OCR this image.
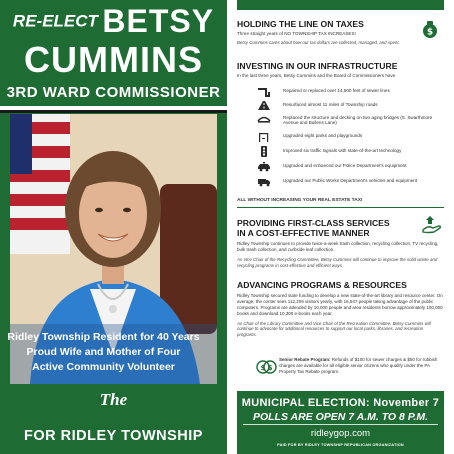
RE-ELECT BETSY
CUMMINS
3RD WARD COMMISSIONER
Ridley Township Resident for 40 Years
Proud Wife and Mother of Four
Active Community Volunteer
The
FOR RIDLEY TOWNSHIP
HOLDING THE LINE ON TAXES
Three straight years of NO TOWNSHIP TAX INCREASES!
Betsy Cummins cares about how our tax dollars are collected, managed, and spent.
$
INVESTING IN OUR INFRASTRUCTURE
In the last three years, Betsy Cummins and the Board of Commissioners have
Repaired or replaced over 14,500 feet of sewer lines
Resurfaced almost 11 miles of Township roads
Replaced the structure and decking on two aging bridges (S. Swarthmore Avenue and Bullens Lane)
Upgraded eight parks and playgrounds
Improved six traffic signals with state-of-the-art technology
Upgraded and enhanced our Police Department's equipment
Upgraded our Public Works Department's vehicles and equipment
ALL WITHOUT INCREASING YOUR REAL ESTATE TAX!
PROVIDING FIRST-CLASS SERVICES
IN A COST-EFFECTIVE MANNER
Ridley Township continues to provide twice-a-week trash collection, recycling collection, TV recycling, bulk trash collection, and curbside leaf collection.
As Vice Chair of the Recycling Committee, Betsy Cummins will continue to improve the solid waste and recycling programs in cost-effective and efficient ways.
ADVANCING PROGRAMS & RESOURCES
Ridley Township secured state funding to develop a new state-of-the-art library and resource center. On average, the center sees 112,209 visitors yearly, with 16,547 people taking advantage of the public computers. Programs are attended by 10,000 people and area residents borrow approximately 100,000 books and download 10,300 e-books each year.
As Chair of the Library Committee and Vice Chair of the Recreation Committee, Betsy Cummins will continue to advocate for additional resources to support our local parks, libraries, and recreation programs.
$ $
Senior Rebate Program: Refunds of $100 for sewer charges & $50 for rubbish charges are available for all eligible senior citizens who qualify under the PA Property Tax Rebate program.
MUNICIPAL ELECTION: November 7
POLLS ARE OPEN 7 A.M. TO 8 P.M.
ridleygop.com
PAID FOR BY RIDLEY TOWNSHIP REPUBLICAN ORGANIZATION
